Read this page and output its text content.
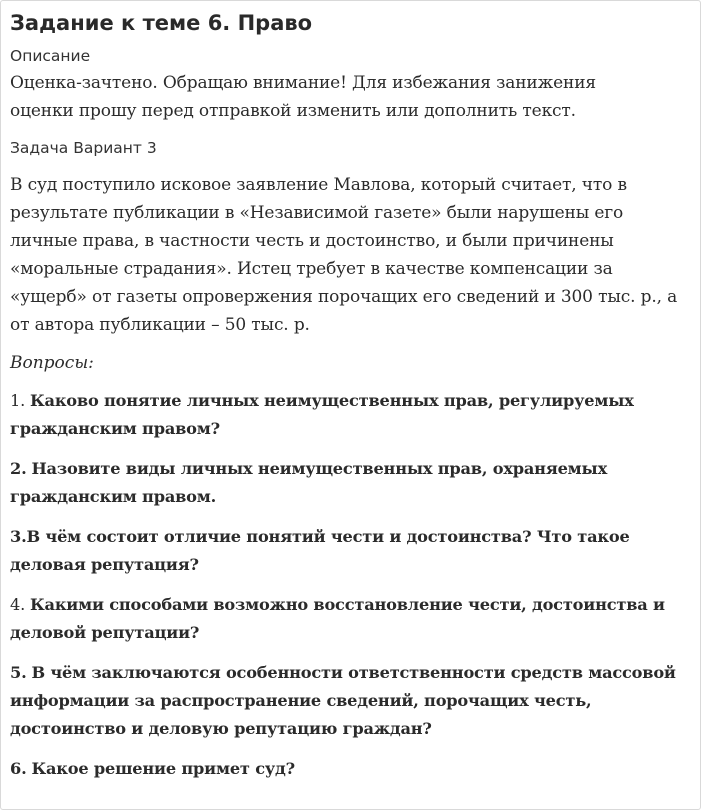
Задание к теме 6. Право

Описание

Оценка-зачтено. Обращаю внимание! Для избежания занижения

оценки прошу перед отправкой изменить или дополнить текст.

Задача Вариант 3

В суд поступило исковое заявление Мавлова, который считает, что в результате публикации в «Независимой газете» были нарушены его личные права, в частности честь и достоинство, и были причинены «моральные страдания». Истец требует в качестве компенсации за «ущерб» от газеты опровержения порочащих его сведений и 300 тыс. р., а от автора публикации – 50 тыс. р.

Вопросы:

1. Каково понятие личных неимущественных прав, регулируемых гражданским правом?

2. Назовите виды личных неимущественных прав, охраняемых гражданским правом.

3.В чём состоит отличие понятий чести и достоинства? Что такое деловая репутация?

4. Какими способами возможно восстановление чести, достоинства и деловой репутации?

5. В чём заключаются особенности ответственности средств массовой информации за распространение сведений, порочащих честь, достоинство и деловую репутацию граждан?

6. Какое решение примет суд?
